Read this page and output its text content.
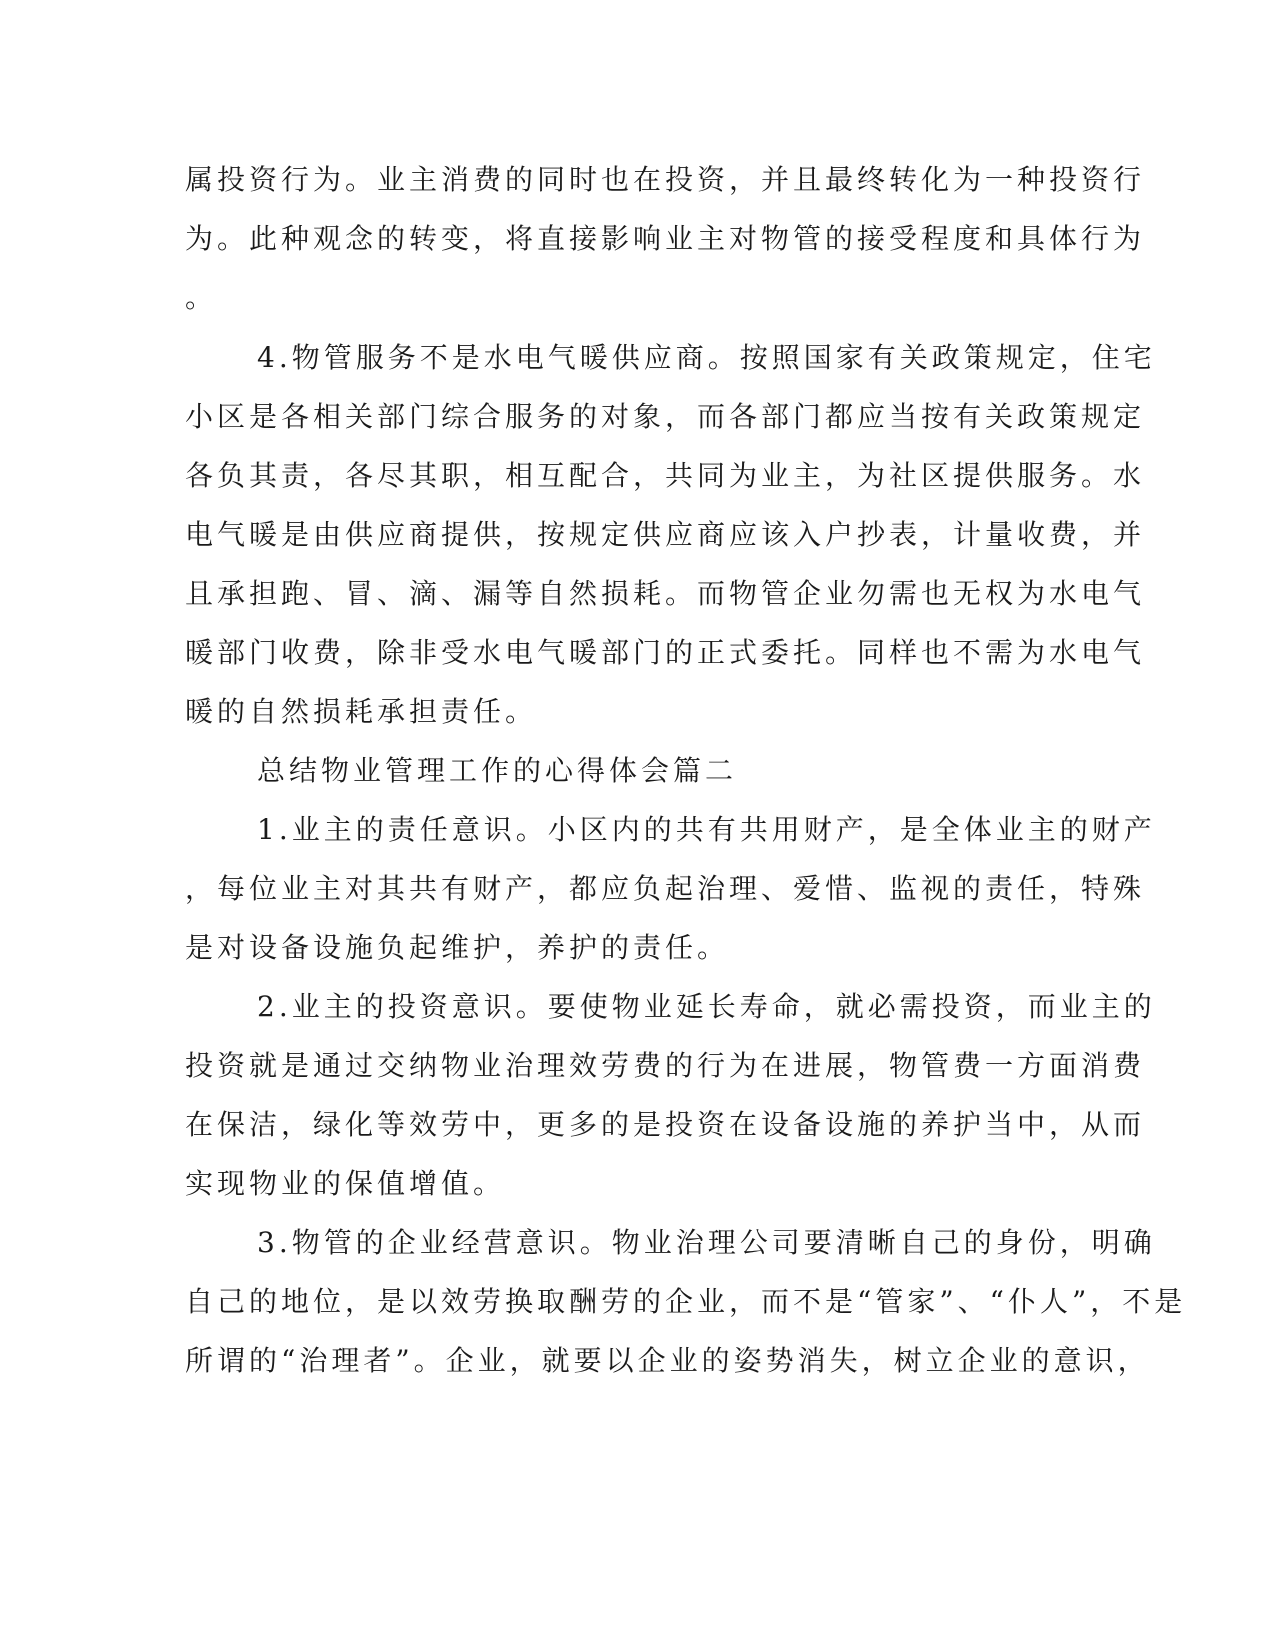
属投资行为。业主消费的同时也在投资，并且最终转化为一种投资行
为。此种观念的转变，将直接影响业主对物管的接受程度和具体行为
。
4.物管服务不是水电气暖供应商。按照国家有关政策规定，住宅
小区是各相关部门综合服务的对象，而各部门都应当按有关政策规定
各负其责，各尽其职，相互配合，共同为业主，为社区提供服务。水
电气暖是由供应商提供，按规定供应商应该入户抄表，计量收费，并
且承担跑、冒、滴、漏等自然损耗。而物管企业勿需也无权为水电气
暖部门收费，除非受水电气暖部门的正式委托。同样也不需为水电气
暖的自然损耗承担责任。
总结物业管理工作的心得体会篇二
1.业主的责任意识。小区内的共有共用财产，是全体业主的财产
，每位业主对其共有财产，都应负起治理、爱惜、监视的责任，特殊
是对设备设施负起维护，养护的责任。
2.业主的投资意识。要使物业延长寿命，就必需投资，而业主的
投资就是通过交纳物业治理效劳费的行为在进展，物管费一方面消费
在保洁，绿化等效劳中，更多的是投资在设备设施的养护当中，从而
实现物业的保值增值。
3.物管的企业经营意识。物业治理公司要清晰自己的身份，明确
自己的地位，是以效劳换取酬劳的企业，而不是“管家”、“仆人”，不是
所谓的“治理者”。企业，就要以企业的姿势消失，树立企业的意识，
